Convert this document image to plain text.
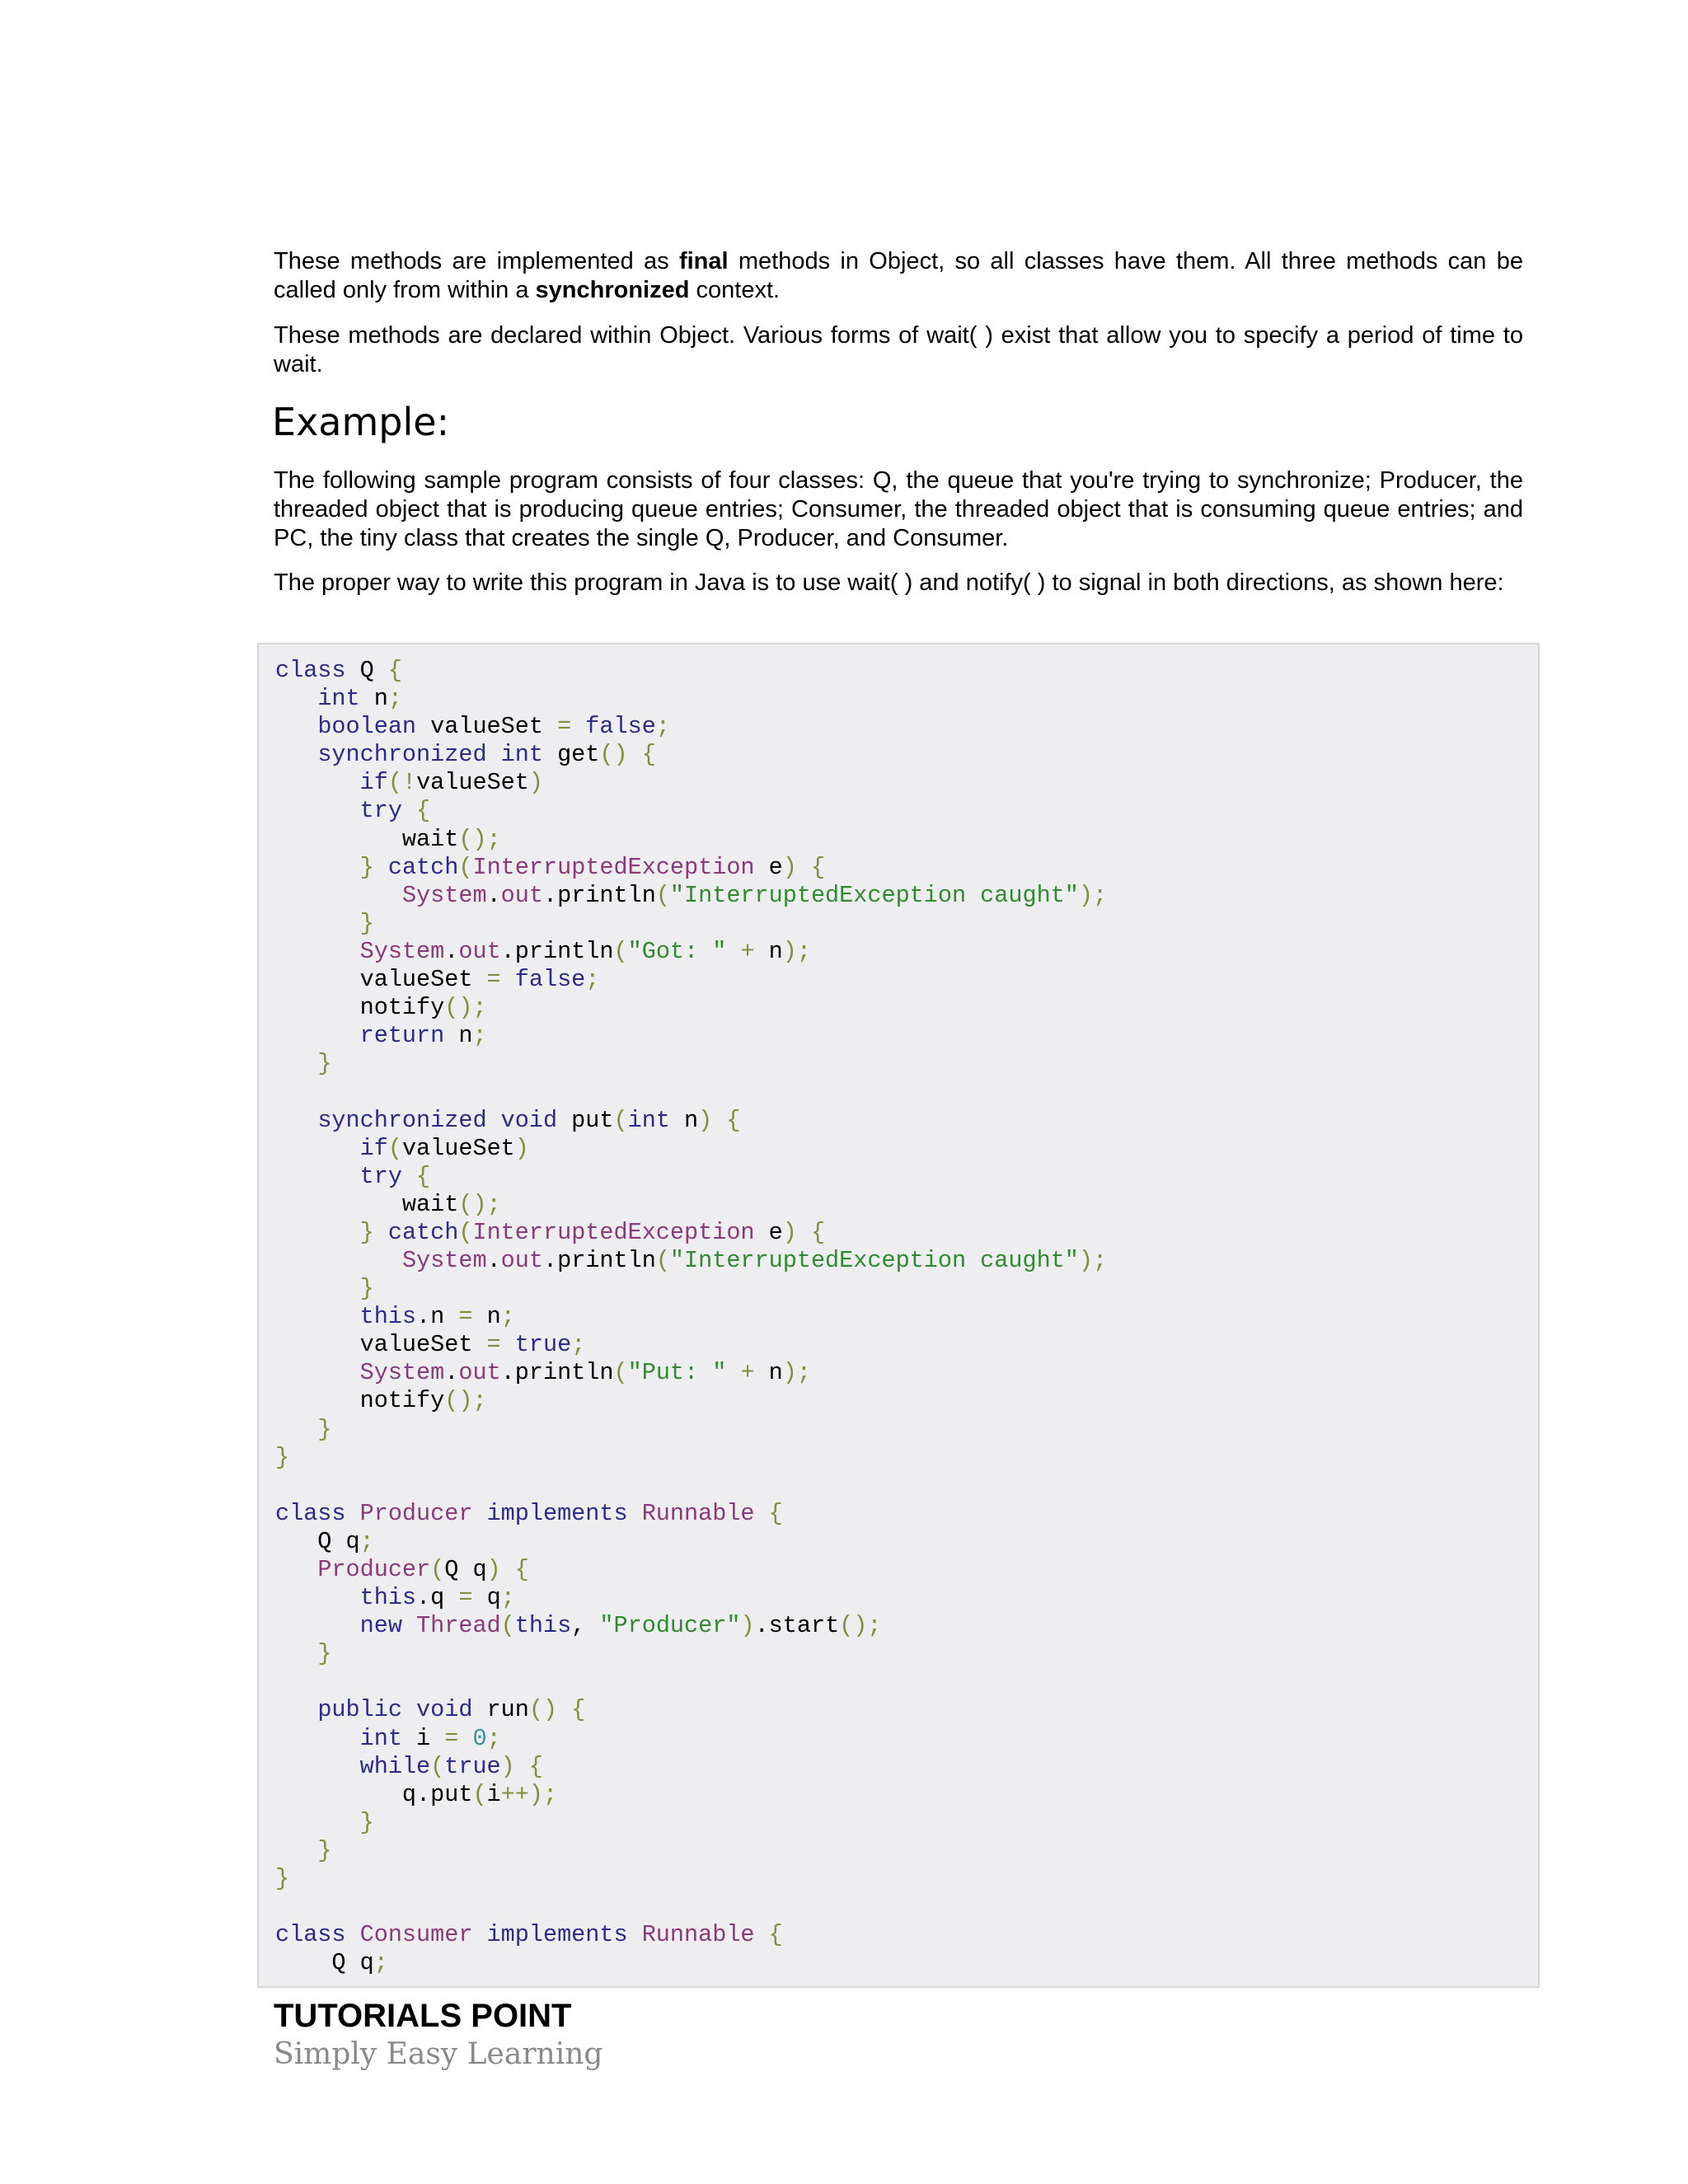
These methods are implemented as final methods in Object, so all classes have them. All three methods can be called only from within a synchronized context.

These methods are declared within Object. Various forms of wait( ) exist that allow you to specify a period of time to wait.

Example:

The following sample program consists of four classes: Q, the queue that you're trying to synchronize; Producer, the threaded object that is producing queue entries; Consumer, the threaded object that is consuming queue entries; and PC, the tiny class that creates the single Q, Producer, and Consumer.

The proper way to write this program in Java is to use wait( ) and notify( ) to signal in both directions, as shown here:

class Q {
int n;
boolean valueSet = false;
synchronized int get() {
if(!valueSet)
try {
wait();
} catch(InterruptedException e) {
System.out.println("InterruptedException caught");
}
System.out.println("Got: " + n);
valueSet = false;
notify();
return n;
}

synchronized void put(int n) {
if(valueSet)
try {
wait();
} catch(InterruptedException e) {
System.out.println("InterruptedException caught");
}
this.n = n;
valueSet = true;
System.out.println("Put: " + n);
notify();
}
}

class Producer implements Runnable {
Q q;
Producer(Q q) {
this.q = q;
new Thread(this, "Producer").start();
}

public void run() {
int i = 0;
while(true) {
q.put(i++);
}
}
}

class Consumer implements Runnable {
Q q;
TUTORIALS POINT
Simply Easy Learning
